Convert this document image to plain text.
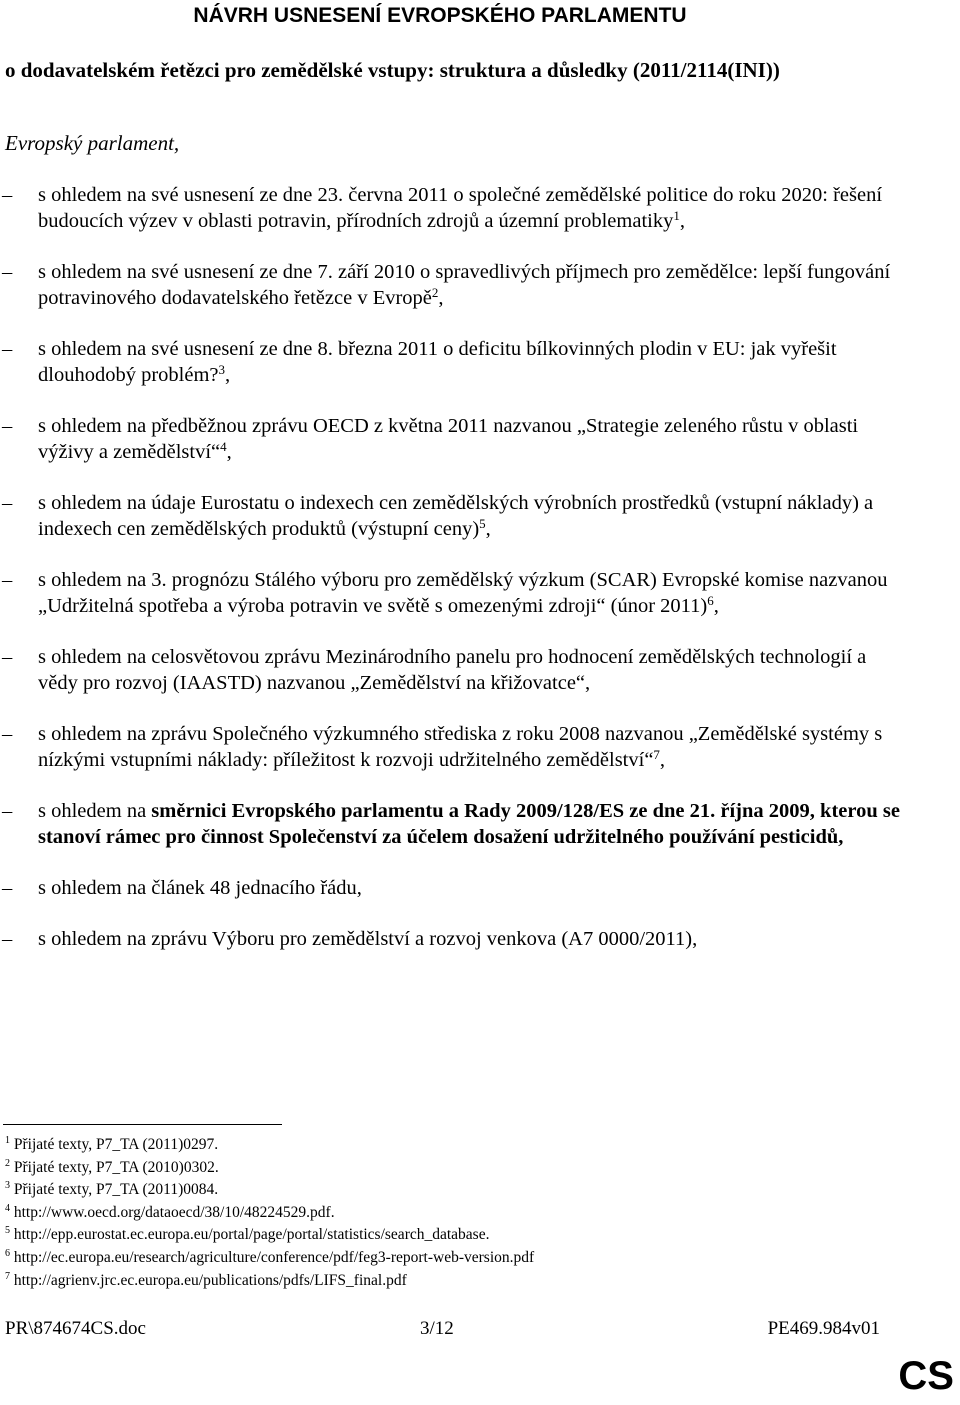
NÁVRH USNESENÍ EVROPSKÉHO PARLAMENTU
o dodavatelském řetězci pro zemědělské vstupy: struktura a důsledky (2011/2114(INI))
Evropský parlament,
– s ohledem na své usnesení ze dne 23. června 2011 o společné zemědělské politice do roku 2020: řešení budoucích výzev v oblasti potravin, přírodních zdrojů a územní problematiky$^1$,
– s ohledem na své usnesení ze dne 7. září 2010 o spravedlivých příjmech pro zemědělce: lepší fungování potravinového dodavatelského řetězce v Evropě$^2$,
– s ohledem na své usnesení ze dne 8. března 2011 o deficitu bílkovinných plodin v EU: jak vyřešit dlouhodobý problém?$^3$,
– s ohledem na předběžnou zprávu OECD z května 2011 nazvanou „Strategie zeleného růstu v oblasti výživy a zemědělství“$^4$,
– s ohledem na údaje Eurostatu o indexech cen zemědělských výrobních prostředků (vstupní náklady) a indexech cen zemědělských produktů (výstupní ceny)$^5$,
– s ohledem na 3. prognózu Stálého výboru pro zemědělský výzkum (SCAR) Evropské komise nazvanou „Udržitelná spotřeba a výroba potravin ve světě s omezenými zdroji“ (únor 2011)$^6$,
– s ohledem na celosvětovou zprávu Mezinárodního panelu pro hodnocení zemědělských technologií a vědy pro rozvoj (IAASTD) nazvanou „Zemědělství na křižovatce“,
– s ohledem na zprávu Společného výzkumného střediska z roku 2008 nazvanou „Zemědělské systémy s nízkými vstupními náklady: příležitost k rozvoji udržitelného zemědělství“$^7$,
– s ohledem na směrnici Evropského parlamentu a Rady 2009/128/ES ze dne 21. října 2009, kterou se stanoví rámec pro činnost Společenství za účelem dosažení udržitelného používání pesticidů,
– s ohledem na článek 48 jednacího řádu,
– s ohledem na zprávu Výboru pro zemědělství a rozvoj venkova (A7 0000/2011),
$^1$ Přijaté texty, P7_TA (2011)0297.
$^2$ Přijaté texty, P7_TA (2010)0302.
$^3$ Přijaté texty, P7_TA (2011)0084.
$^4$ http://www.oecd.org/dataoecd/38/10/48224529.pdf.
$^5$ http://epp.eurostat.ec.europa.eu/portal/page/portal/statistics/search_database.
$^6$ http://ec.europa.eu/research/agriculture/conference/pdf/feg3-report-web-version.pdf
$^7$ http://agrienv.jrc.ec.europa.eu/publications/pdfs/LIFS_final.pdf
PR\874674CS.doc	3/12	PE469.984v01
CS
